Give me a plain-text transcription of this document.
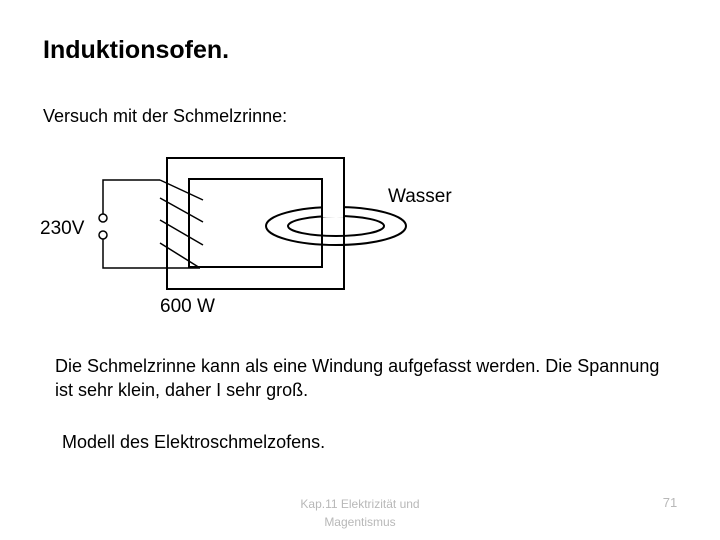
Induktionsofen.
Versuch mit der Schmelzrinne:
230V
600 W
Wasser
Die Schmelzrinne kann als eine Windung aufgefasst werden. Die Spannung ist sehr klein, daher I sehr groß.
Modell des Elektroschmelzofens.
Kap.11 Elektrizität und Magentismus
71
